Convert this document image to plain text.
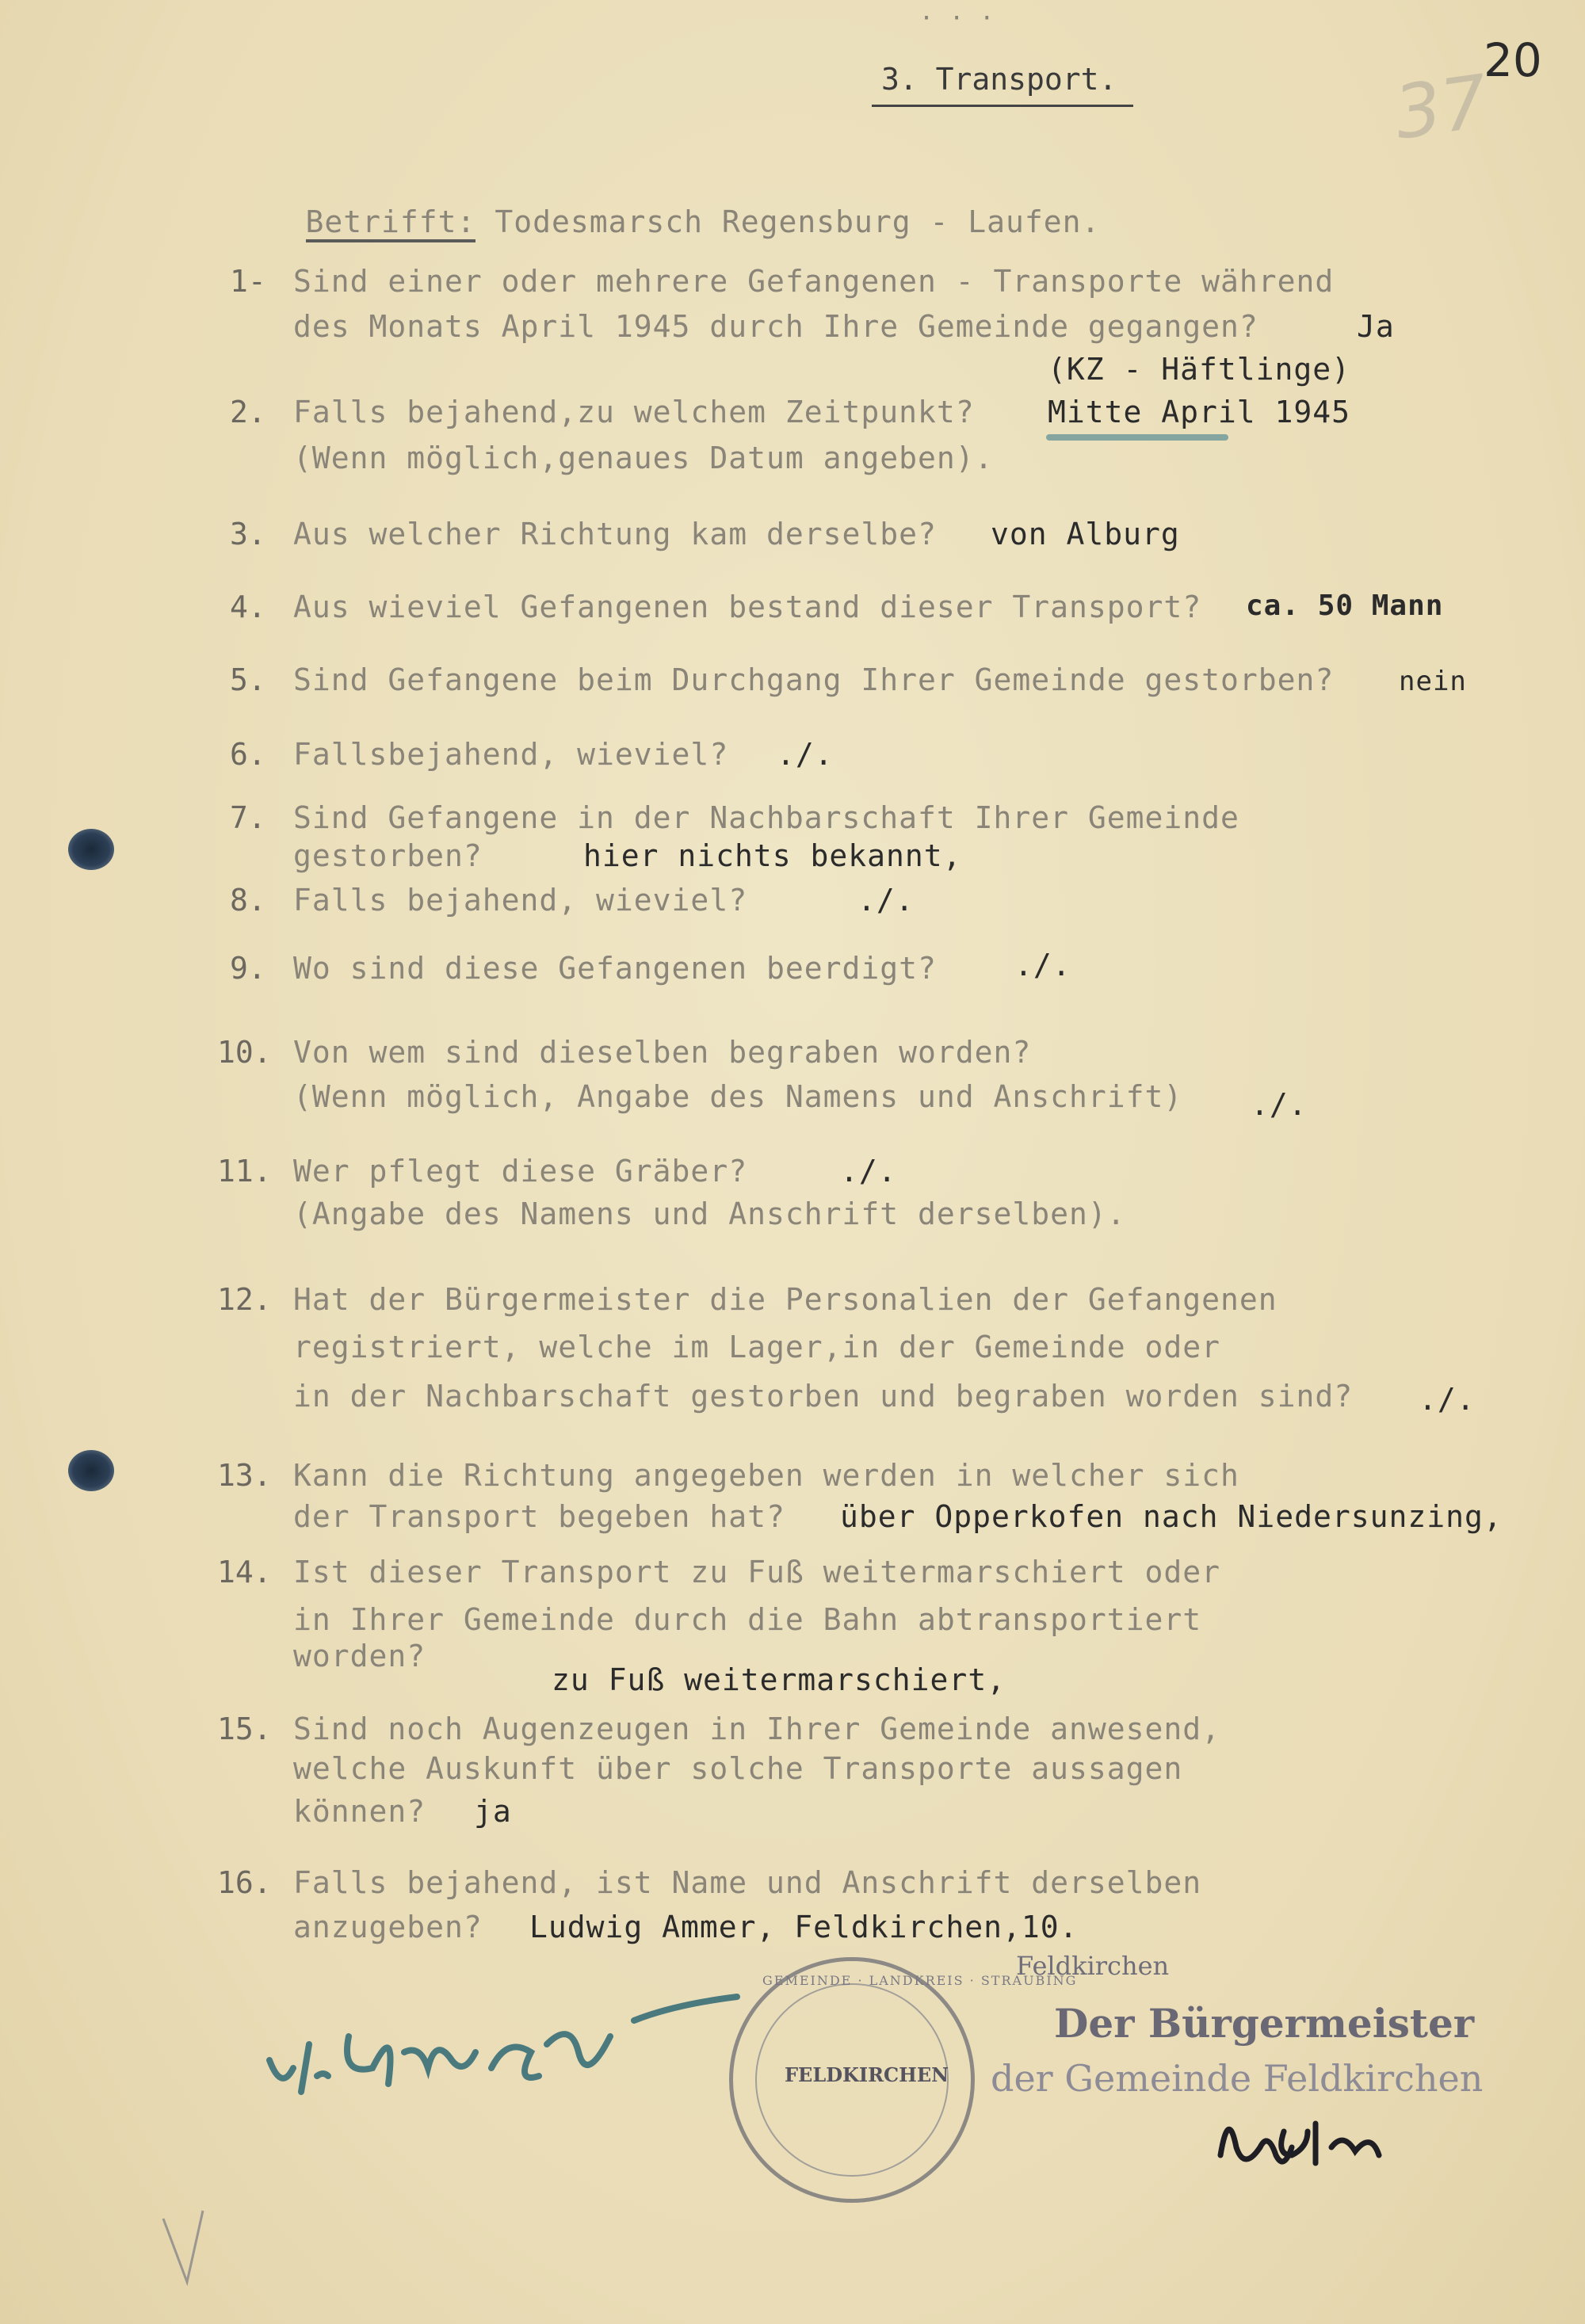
· · ·
3. Transport.	20
37

Betrifft: Todesmarsch Regensburg - Laufen.

1- Sind einer oder mehrere Gefangenen - Transporte während
des Monats April 1945 durch Ihre Gemeinde gegangen?	Ja
(KZ - Häftlinge)
2. Falls bejahend,zu welchem Zeitpunkt?
(Wenn möglich,genaues Datum angeben).
Mitte April 1945
3. Aus welcher Richtung kam derselbe? von Alburg
4. Aus wieviel Gefangenen bestand dieser Transport? ca. 50 Mann
5. Sind Gefangene beim Durchgang Ihrer Gemeinde gestorben? nein
6. Fallsbejahend, wieviel? ./.
7. Sind Gefangene in der Nachbarschaft Ihrer Gemeinde
gestorben?	hier nichts bekannt,
8. Falls bejahend, wieviel?	./.
9. Wo sind diese Gefangenen beerdigt?	./.
10. Von wem sind dieselben begraben worden?
(Wenn möglich, Angabe des Namens und Anschrift) ./.
11. Wer pflegt diese Gräber?
(Angabe des Namens und Anschrift derselben).
./.
12. Hat der Bürgermeister die Personalien der Gefangenen
registriert, welche im Lager,in der Gemeinde oder
in der Nachbarschaft gestorben und begraben worden sind? ./.
13. Kann die Richtung angegeben werden in welcher sich
der Transport begeben hat? über Opperkofen nach Niedersunzing,
14. Ist dieser Transport zu Fuß weitermarschiert oder
in Ihrer Gemeinde durch die Bahn abtransportiert
worden?
zu Fuß weitermarschiert,
15. Sind noch Augenzeugen in Ihrer Gemeinde anwesend,
welche Auskunft über solche Transporte aussagen
können? ja
16. Falls bejahend, ist Name und Anschrift derselben
anzugeben? Ludwig Ammer, Feldkirchen,10.
GEMEINDE · LANDKREIS · STRAUBING
FELDKIRCHEN
Feldkirchen
Der Bürgermeister
der Gemeinde Feldkirchen
